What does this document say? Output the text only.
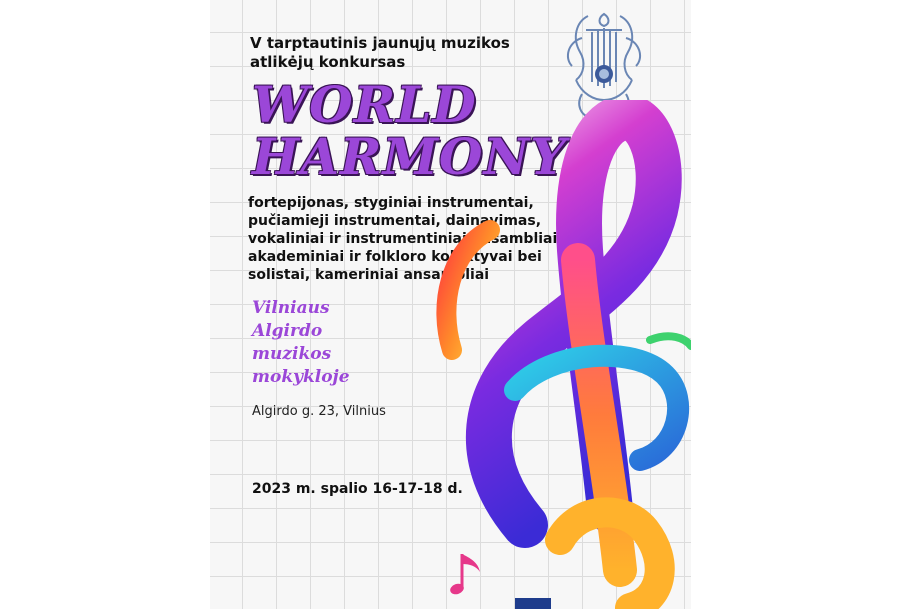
V tarptautinis jaunųjų muzikos atlikėjų konkursas
WORLD
HARMONY
fortepijonas, styginiai instrumentai, pučiamieji instrumentai, dainavimas, vokaliniai ir instrumentiniai ansambliai, akademiniai ir folkloro kolektyvai bei solistai, kameriniai ansambliai
Vilniaus
Algirdo
muzikos
mokykloje
Algirdo g. 23, Vilnius
2023 m. spalio 16-17-18 d.
